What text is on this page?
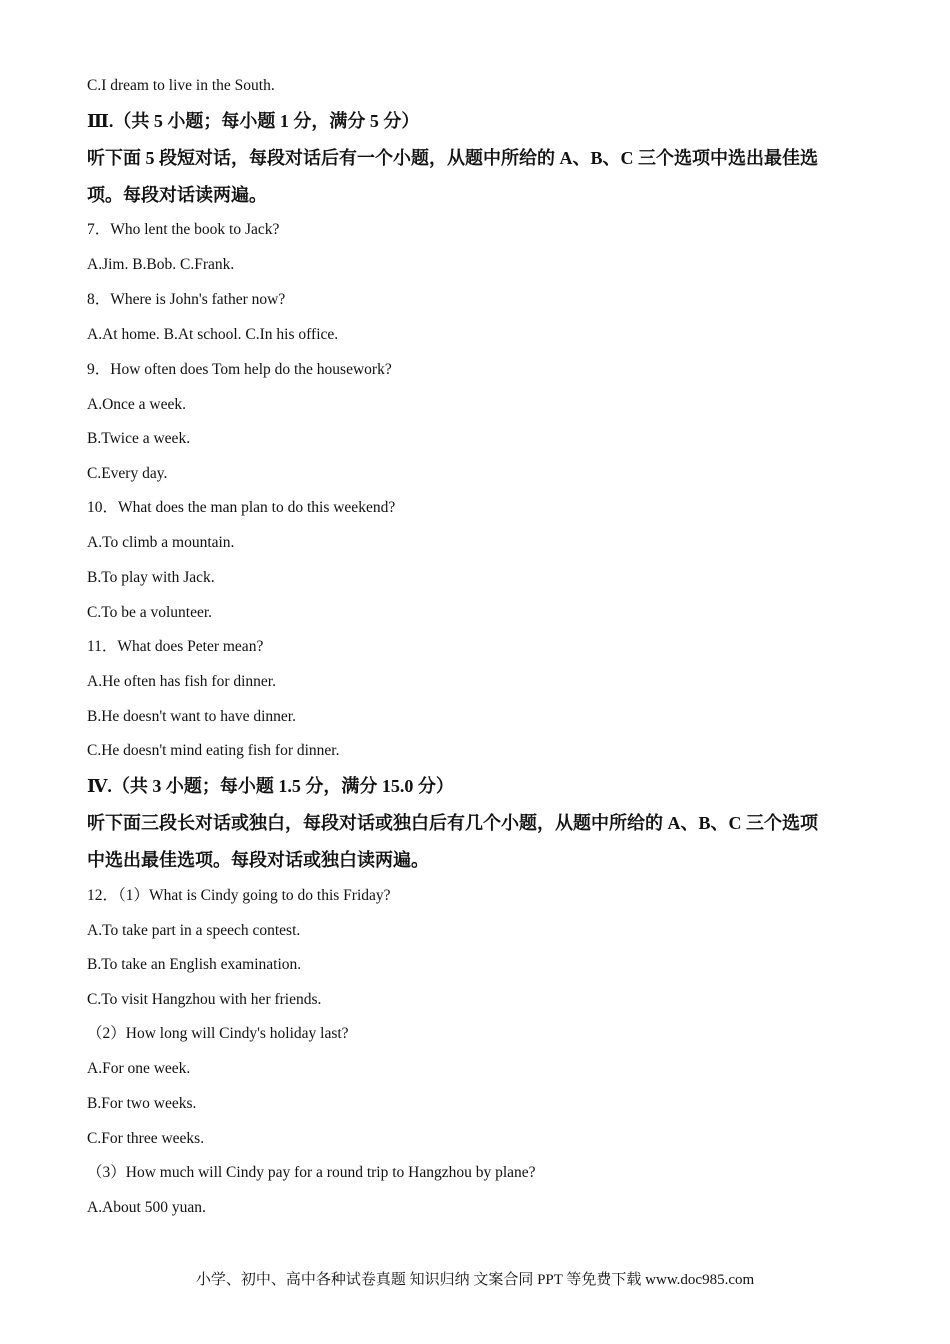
C.I dream to live in the South.
Ⅲ.（共 5 小题；每小题 1 分，满分 5 分）
听下面 5 段短对话，每段对话后有一个小题，从题中所给的 A、B、C 三个选项中选出最佳选
项。每段对话读两遍。
7．Who lent the book to Jack?
A.Jim. B.Bob. C.Frank.
8．Where is John's father now?
A.At home. B.At school. C.In his office.
9．How often does Tom help do the housework?
A.Once a week.
B.Twice a week.
C.Every day.
10．What does the man plan to do this weekend?
A.To climb a mountain.
B.To play with Jack.
C.To be a volunteer.
11．What does Peter mean?
A.He often has fish for dinner.
B.He doesn't want to have dinner.
C.He doesn't mind eating fish for dinner.
Ⅳ.（共 3 小题；每小题 1.5 分，满分 15.0 分）
听下面三段长对话或独白，每段对话或独白后有几个小题，从题中所给的 A、B、C 三个选项
中选出最佳选项。每段对话或独白读两遍。
12．（1）What is Cindy going to do this Friday?
A.To take part in a speech contest.
B.To take an English examination.
C.To visit Hangzhou with her friends.
（2）How long will Cindy's holiday last?
A.For one week.
B.For two weeks.
C.For three weeks.
（3）How much will Cindy pay for a round trip to Hangzhou by plane?
A.About 500 yuan.
小学、初中、高中各种试卷真题 知识归纳 文案合同 PPT 等免费下载 www.doc985.com
